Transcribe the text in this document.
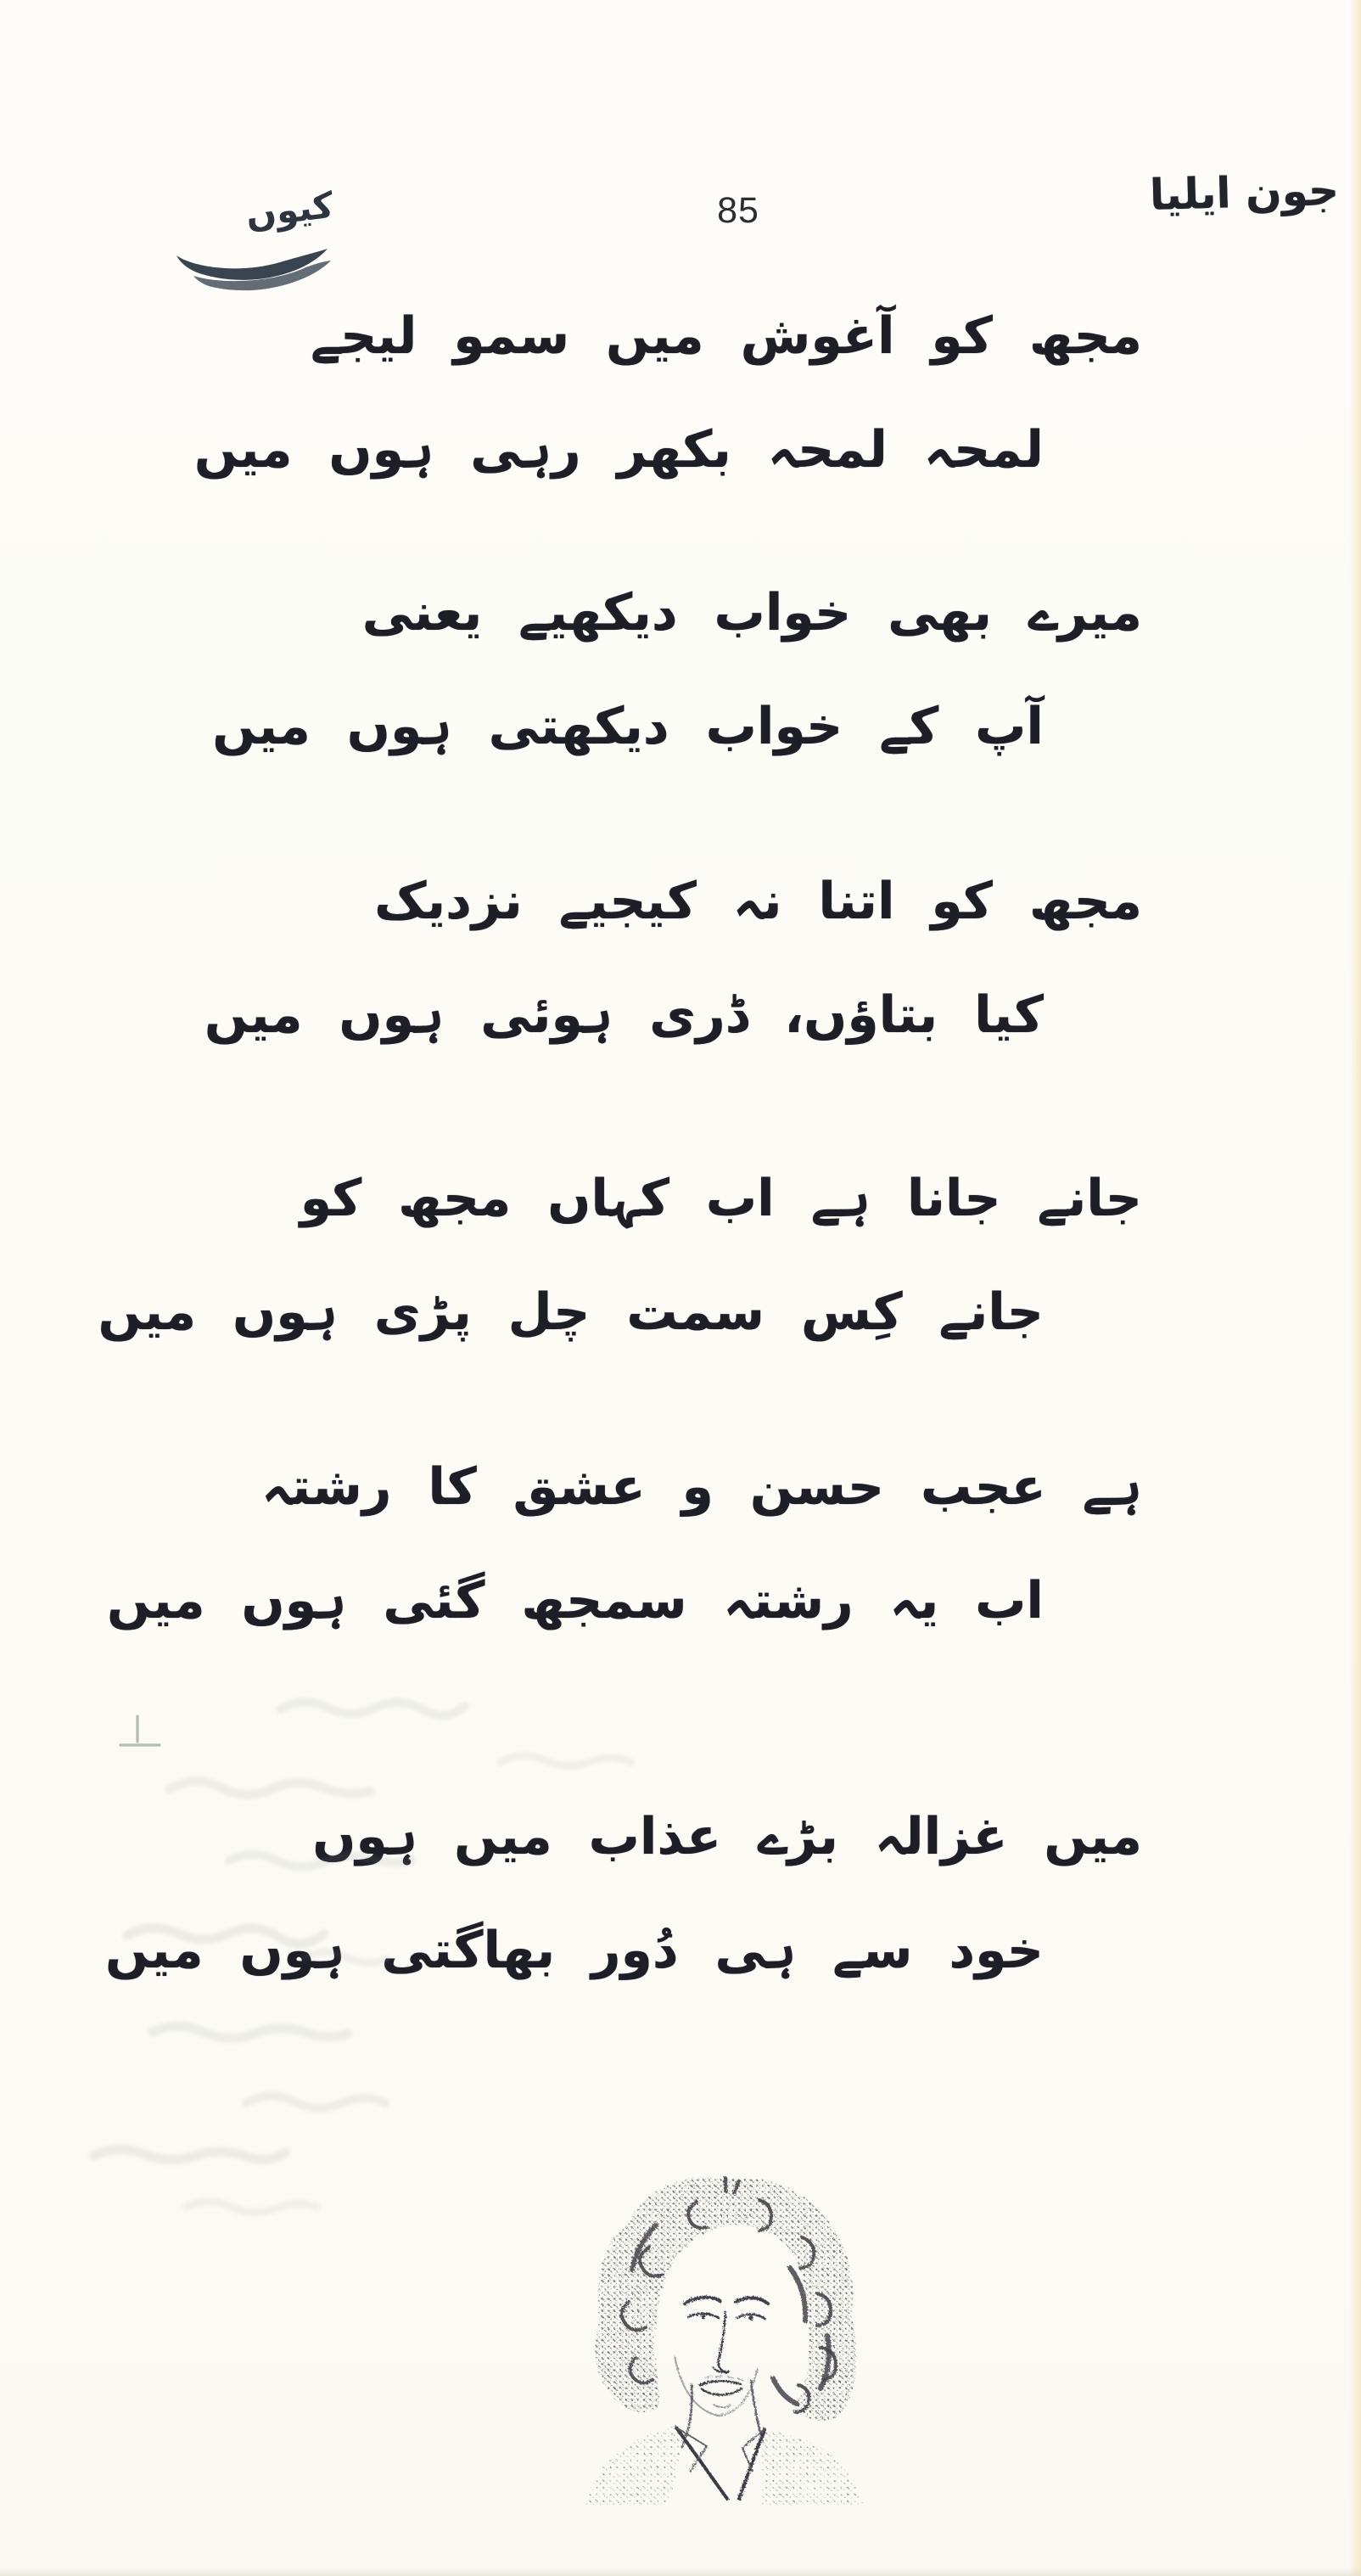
کیوں	85	جون ایلیا
مجھ کو آغوش میں سمو لیجے
لمحہ لمحہ بکھر رہی ہوں میں
میرے بھی خواب دیکھیے یعنی
آپ کے خواب دیکھتی ہوں میں
مجھ کو اتنا نہ کیجیے نزدیک
کیا بتاؤں، ڈری ہوئی ہوں میں
جانے جانا ہے اب کہاں مجھ کو
جانے کِس سمت چل پڑی ہوں میں
ہے عجب حسن و عشق کا رشتہ
اب یہ رشتہ سمجھ گئی ہوں میں
میں غزالہ بڑے عذاب میں ہوں
خود سے ہی دُور بھاگتی ہوں میں
